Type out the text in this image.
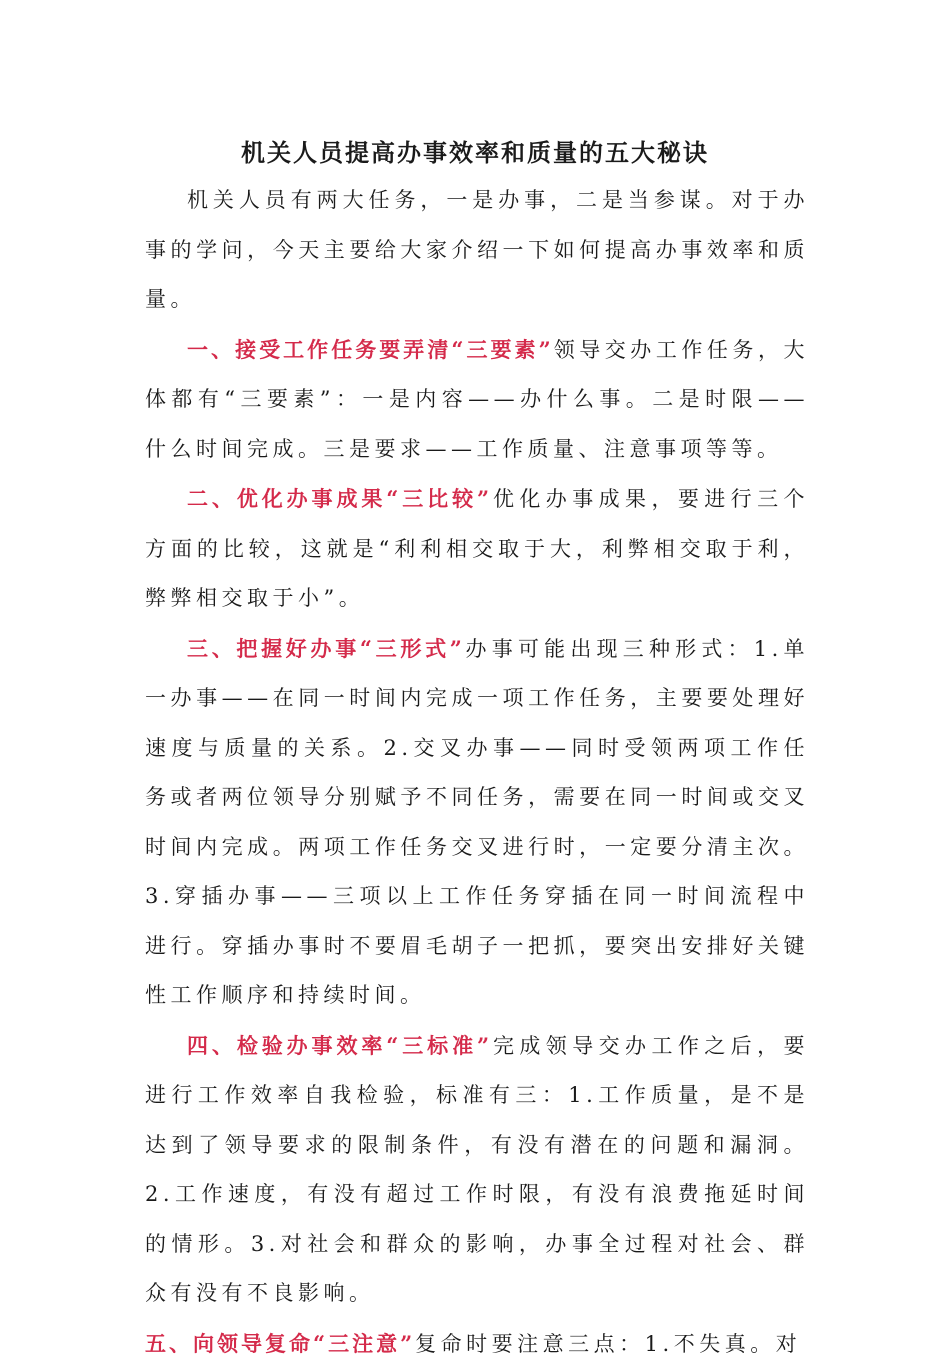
机关人员提高办事效率和质量的五大秘诀

机关人员有两大任务，一是办事，二是当参谋。对于办事的学问，今天主要给大家介绍一下如何提高办事效率和质量。

一、接受工作任务要弄清“三要素”领导交办工作任务，大体都有“三要素”：一是内容——办什么事。二是时限——什么时间完成。三是要求——工作质量、注意事项等等。

二、优化办事成果“三比较”优化办事成果，要进行三个方面的比较，这就是“利利相交取于大，利弊相交取于利，弊弊相交取于小”。

三、把握好办事“三形式”办事可能出现三种形式：1.单一办事——在同一时间内完成一项工作任务，主要要处理好速度与质量的关系。2.交叉办事——同时受领两项工作任务或者两位领导分别赋予不同任务，需要在同一时间或交叉时间内完成。两项工作任务交叉进行时，一定要分清主次。3.穿插办事——三项以上工作任务穿插在同一时间流程中进行。穿插办事时不要眉毛胡子一把抓，要突出安排好关键性工作顺序和持续时间。

四、检验办事效率“三标准”完成领导交办工作之后，要进行工作效率自我检验，标准有三：1.工作质量，是不是达到了领导要求的限制条件，有没有潜在的问题和漏洞。2.工作速度，有没有超过工作时限，有没有浪费拖延时间的情形。3.对社会和群众的影响，办事全过程对社会、群众有没有不良影响。

五、向领导复命“三注意”复命时要注意三点：1.不失真。对
